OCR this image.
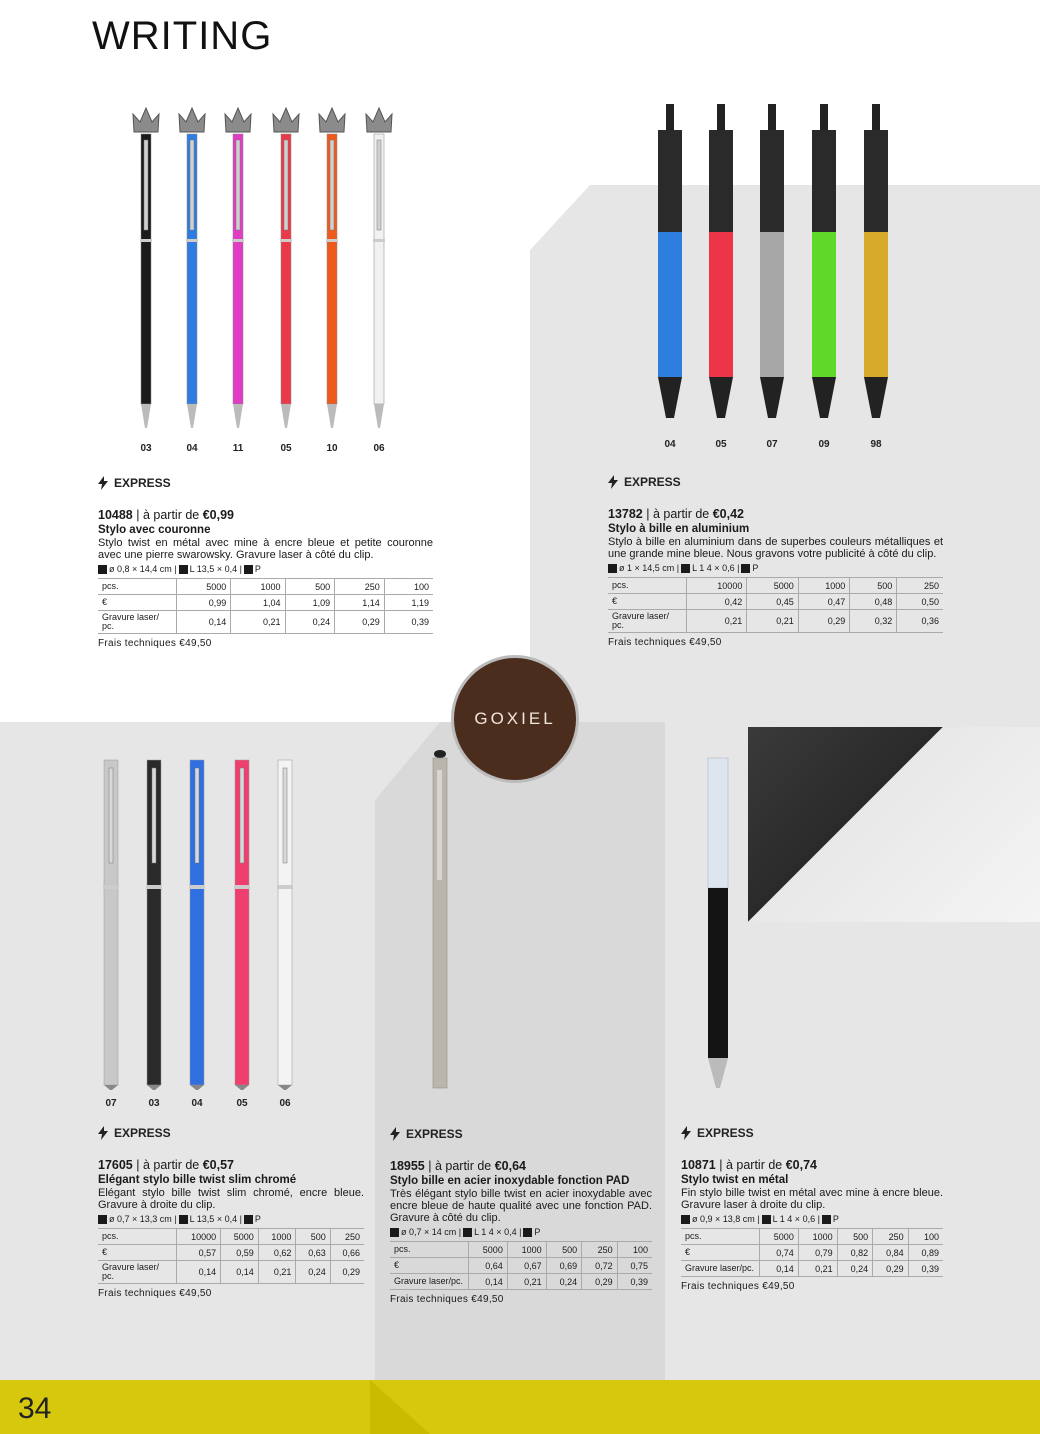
WRITING
03	04	11	05	10	06	04	05	07	09	98
07	03	04	05	06
GOXIEL
EXPRESS
10488 | à partir de €0,99
Stylo avec couronne
Stylo twist en métal avec mine à encre bleue et petite couronne avec une pierre swarowsky. Gravure laser à côté du clip.
ø 0,8 × 14,4 cm | L 13,5 × 0,4 | P
pcs.	5000	1000	500	250	100
€	0,99	1,04	1,09	1,14	1,19
Gravure laser/ pc.	0,14	0,21	0,24	0,29	0,39
Frais techniques €49,50
EXPRESS
13782 | à partir de €0,42
Stylo à bille en aluminium
Stylo à bille en aluminium dans de superbes couleurs métalliques et une grande mine bleue. Nous gravons votre publicité à côté du clip.
ø 1 × 14,5 cm | L 1 4 × 0,6 | P
pcs.	10000	5000	1000	500	250
€	0,42	0,45	0,47	0,48	0,50
Gravure laser/ pc.	0,21	0,21	0,29	0,32	0,36
Frais techniques €49,50
EXPRESS
17605 | à partir de €0,57
Elégant stylo bille twist slim chromé
Elégant stylo bille twist slim chromé, encre bleue. Gravure à droite du clip.
ø 0,7 × 13,3 cm | L 13,5 × 0,4 | P
pcs.	10000	5000	1000	500	250
€	0,57	0,59	0,62	0,63	0,66
Gravure laser/ pc.	0,14	0,14	0,21	0,24	0,29
Frais techniques €49,50
EXPRESS
18955 | à partir de €0,64
Stylo bille en acier inoxydable fonction PAD
Très élégant stylo bille twist en acier inoxydable avec encre bleue de haute qualité avec une fonction PAD. Gravure à côté du clip.
ø 0,7 × 14 cm | L 1 4 × 0,4 | P
pcs.	5000	1000	500	250	100
€	0,64	0,67	0,69	0,72	0,75
Gravure laser/pc.	0,14	0,21	0,24	0,29	0,39
Frais techniques €49,50
EXPRESS
10871 | à partir de €0,74
Stylo twist en métal
Fin stylo bille twist en métal avec mine à encre bleue. Gravure laser à droite du clip.
ø 0,9 × 13,8 cm | L 1 4 × 0,6 | P
pcs.	5000	1000	500	250	100
€	0,74	0,79	0,82	0,84	0,89
Gravure laser/pc.	0,14	0,21	0,24	0,29	0,39
Frais techniques €49,50
34
